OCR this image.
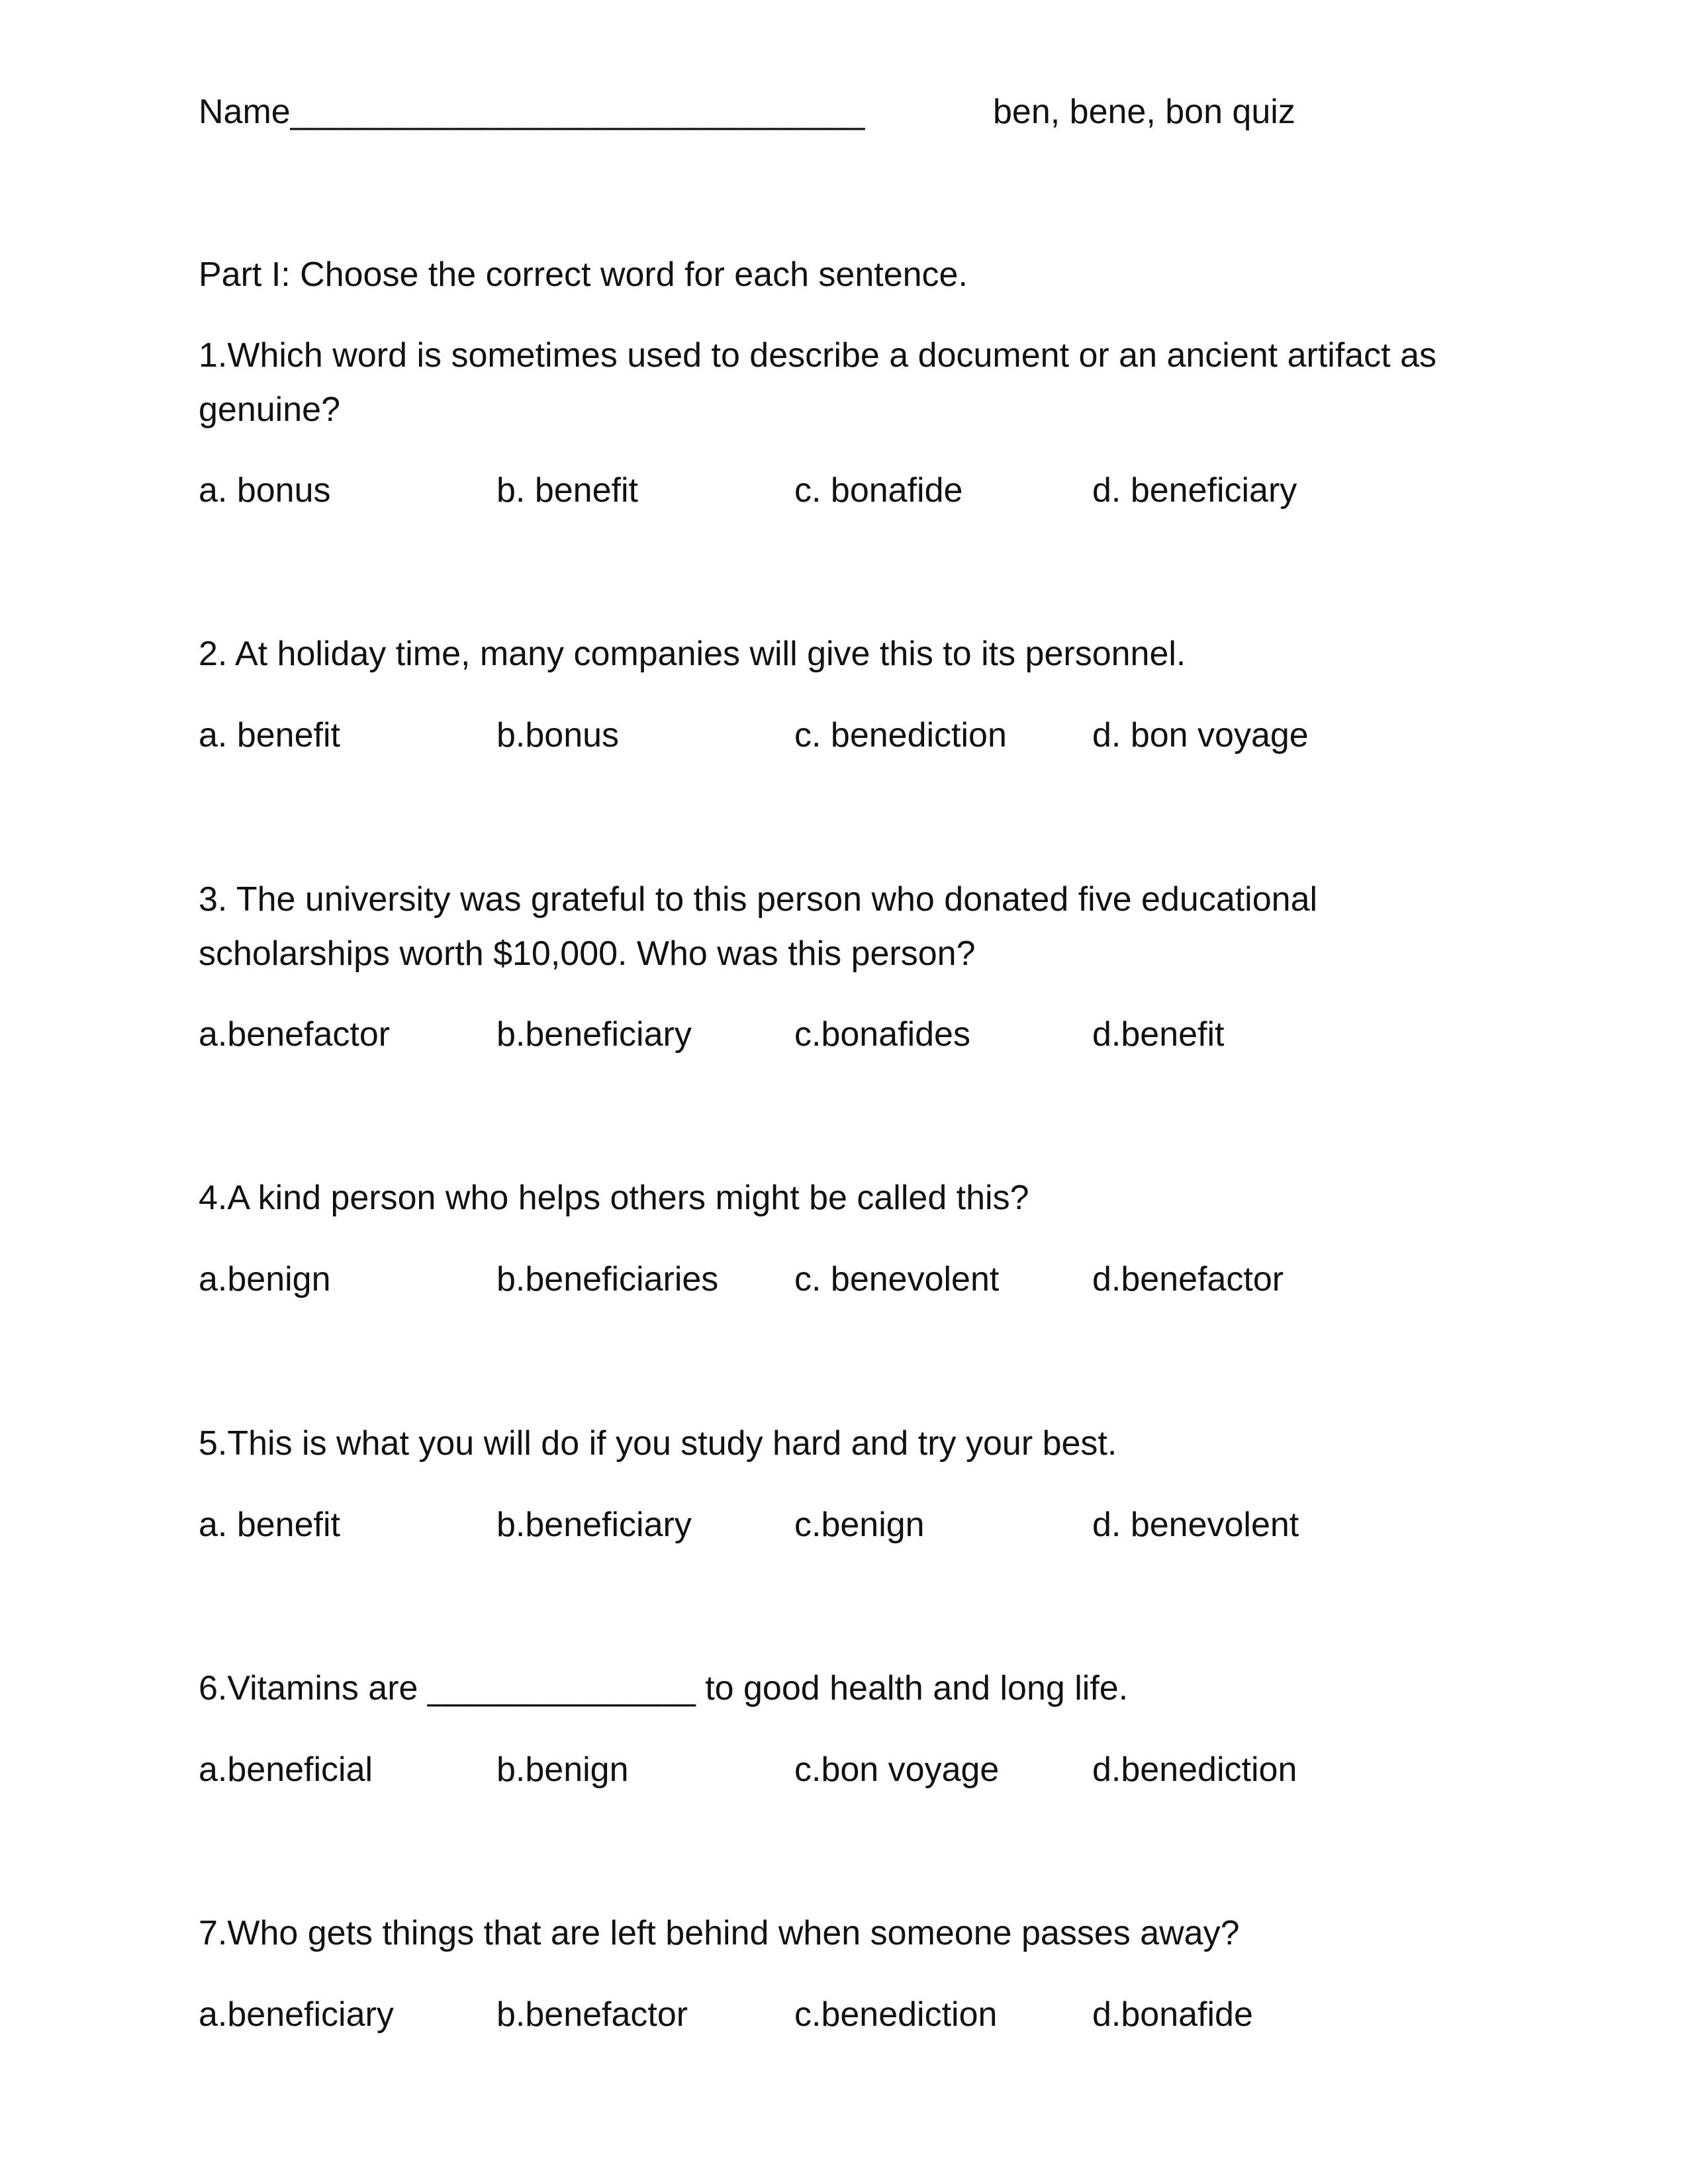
Name______________________________	ben, bene, bon quiz
Part I: Choose the correct word for each sentence.
1.Which word is sometimes used to describe a document or an ancient artifact as genuine?
a. bonus	b. benefit	c. bonafide	d. beneficiary
2. At holiday time, many companies will give this to its personnel.
a. benefit	b.bonus	c. benediction d. bon voyage
3. The university was grateful to this person who donated five educational scholarships worth $10,000. Who was this person?
a.benefactor	b.beneficiary	c.bonafides	d.benefit
4.A kind person who helps others might be called this?
a.benign	b.beneficiaries c. benevolent	d.benefactor
5.This is what you will do if you study hard and try your best.
a. benefit	b.beneficiary	c.benign	d. benevolent
6.Vitamins are ______________ to good health and long life.
a.beneficial	b.benign	c.bon voyage	d.benediction
7.Who gets things that are left behind when someone passes away?
a.beneficiary	b.benefactor	c.benediction	d.bonafide
